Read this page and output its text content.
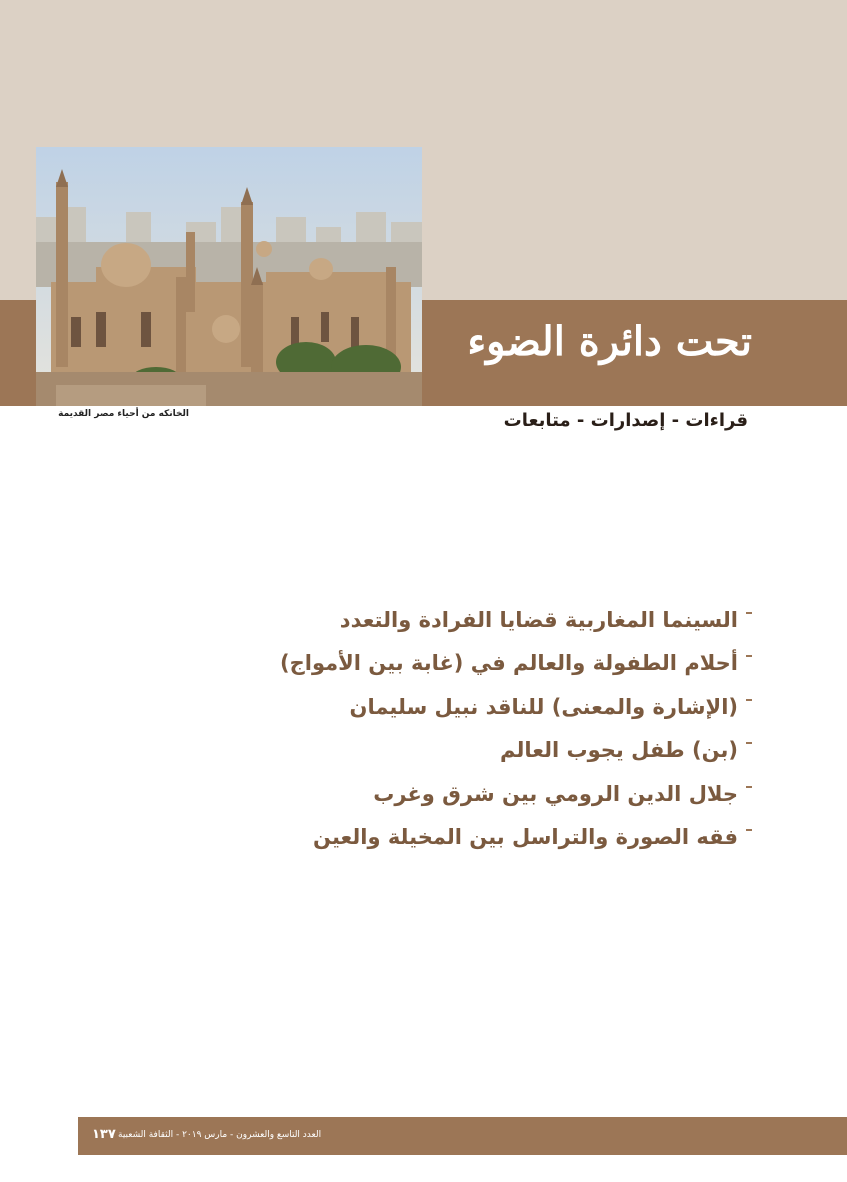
تحت دائرة الضوء
الخانكه من أحياء مصر القديمة	قراءات - إصدارات - متابعات
السينما المغاربية قضايا الفرادة والتعدد
أحلام الطفولة والعالم في (غابة بين الأمواج)
(الإشارة والمعنى) للناقد نبيل سليمان
(بن) طفل يجوب العالم
جلال الدين الرومي بين شرق وغرب
فقه الصورة والتراسل بين المخيلة والعين
١٣٧ العدد التاسع والعشرون - مارس ٢٠١٩ - الثقافة الشعبية
